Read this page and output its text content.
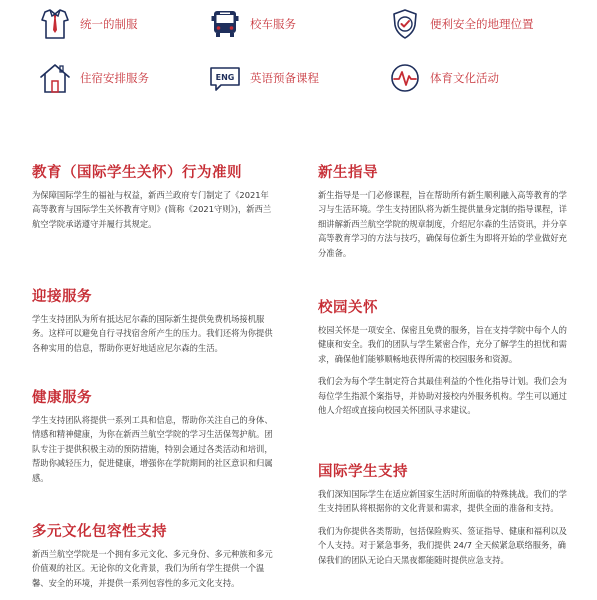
统一的制服	校车服务	便利安全的地理位置
住宿安排服务	ENG 英语预备课程	体育文化活动
教育（国际学生关怀）行为准则

为保障国际学生的福祉与权益，新西兰政府专门制定了《2021年高等教育与国际学生关怀教育守则》(简称《2021守则》)，新西兰航空学院承诺遵守并履行其规定。

迎接服务

学生支持团队为所有抵达尼尔森的国际新生提供免费机场接机服务。这样可以避免自行寻找宿舍所产生的压力。我们还将为你提供各种实用的信息，帮助你更好地适应尼尔森的生活。

健康服务

学生支持团队将提供一系列工具和信息，帮助你关注自己的身体、情感和精神健康，为你在新西兰航空学院的学习生活保驾护航。团队专注于提供积极主动的预防措施，特别会通过各类活动和培训，帮助你减轻压力，促进健康，增强你在学院期间的社区意识和归属感。

多元文化包容性支持

新西兰航空学院是一个拥有多元文化、多元身份、多元种族和多元价值观的社区。无论你的文化背景，我们为所有学生提供一个温馨、安全的环境，并提供一系列包容性的多元文化支持。

新生指导

新生指导是一门必修课程，旨在帮助所有新生顺利融入高等教育的学习与生活环境。学生支持团队将为新生提供量身定制的指导课程，详细讲解新西兰航空学院的规章制度，介绍尼尔森的生活资讯，并分享高等教育学习的方法与技巧，确保每位新生为即将开始的学业做好充分准备。

校园关怀

校园关怀是一项安全、保密且免费的服务，旨在支持学院中每个人的健康和安全。我们的团队与学生紧密合作，充分了解学生的担忧和需求，确保他们能够顺畅地获得所需的校园服务和资源。

我们会为每个学生制定符合其最佳利益的个性化指导计划。我们会为每位学生指派个案指导，并协助对接校内外服务机构。学生可以通过他人介绍或直接向校园关怀团队寻求建议。

国际学生支持

我们深知国际学生在适应新国家生活时所面临的特殊挑战。我们的学生支持团队将根据你的文化背景和需求，提供全面的准备和支持。

我们为你提供各类帮助，包括保险购买、签证指导、健康和福利以及个人支持。对于紧急事务，我们提供 24/7 全天候紧急联络服务，确保我们的团队无论白天黑夜都能随时提供应急支持。
